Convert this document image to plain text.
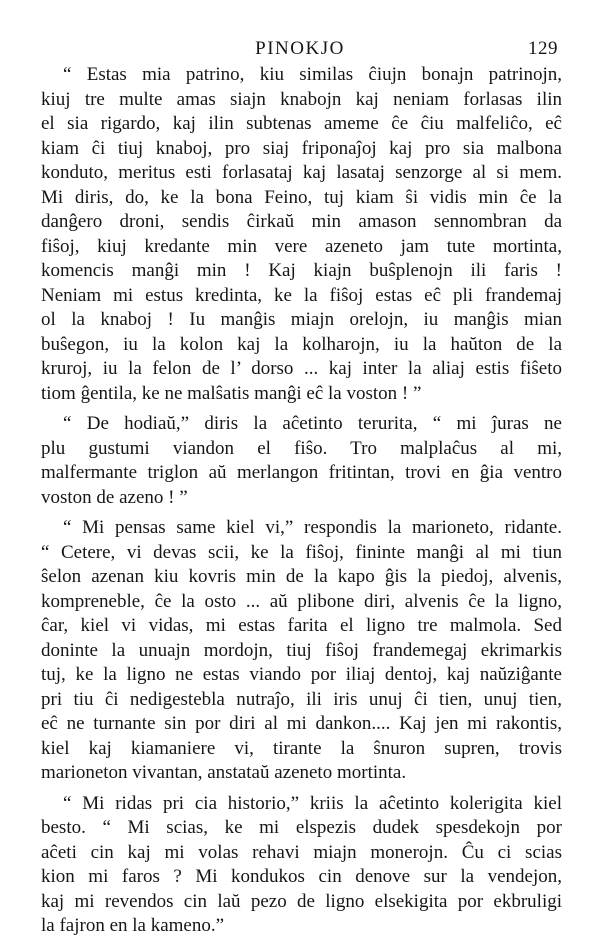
PINOKJO	129

“ Estas mia patrino, kiu similas ĉiujn bonajn patrinojn,
kiuj tre multe amas siajn knabojn kaj neniam forlasas ilin
el sia rigardo, kaj ilin subtenas ameme ĉe ĉiu malfeliĉo, eĉ
kiam ĉi tiuj knaboj, pro siaj friponaĵoj kaj pro sia malbona
konduto, meritus esti forlasataj kaj lasataj senzorge al si mem.
Mi diris, do, ke la bona Feino, tuj kiam ŝi vidis min ĉe la
danĝero droni, sendis ĉirkaŭ min amason sennombran da
fiŝoj, kiuj kredante min vere azeneto jam tute mortinta,
komencis manĝi min ! Kaj kiajn buŝplenojn ili faris !
Neniam mi estus kredinta, ke la fiŝoj estas eĉ pli frandemaj
ol la knaboj ! Iu manĝis miajn orelojn, iu manĝis mian
buŝegon, iu la kolon kaj la kolharojn, iu la haŭton de la
kruroj, iu la felon de l’ dorso ... kaj inter la aliaj estis fiŝeto
tiom ĝentila, ke ne malŝatis manĝi eĉ la voston ! ”

“ De hodiaŭ,” diris la aĉetinto terurita, “ mi ĵuras ne
plu gustumi viandon el fiŝo. Tro malplaĉus al mi,
malfermante triglon aŭ merlangon fritintan, trovi en ĝia ventro
voston de azeno ! ”

“ Mi pensas same kiel vi,” respondis la marioneto, ridante.
“ Cetere, vi devas scii, ke la fiŝoj, fininte manĝi al mi tiun
ŝelon azenan kiu kovris min de la kapo ĝis la piedoj, alvenis,
kompreneble, ĉe la osto ... aŭ plibone diri, alvenis ĉe la ligno,
ĉar, kiel vi vidas, mi estas farita el ligno tre malmola. Sed
doninte la unuajn mordojn, tiuj fiŝoj frandemegaj ekrimarkis
tuj, ke la ligno ne estas viando por iliaj dentoj, kaj naŭziĝante
pri tiu ĉi nedigestebla nutraĵo, ili iris unuj ĉi tien, unuj tien,
eĉ ne turnante sin por diri al mi dankon.... Kaj jen mi rakontis,
kiel kaj kiamaniere vi, tirante la ŝnuron supren, trovis
marioneton vivantan, anstataŭ azeneto mortinta.

“ Mi ridas pri cia historio,” kriis la aĉetinto kolerigita kiel
besto. “ Mi scias, ke mi elspezis dudek spesdekojn por
aĉeti cin kaj mi volas rehavi miajn monerojn. Ĉu ci scias
kion mi faros ? Mi kondukos cin denove sur la vendejon,
kaj mi revendos cin laŭ pezo de ligno elsekigita por ekbruligi
la fajron en la kameno.”
